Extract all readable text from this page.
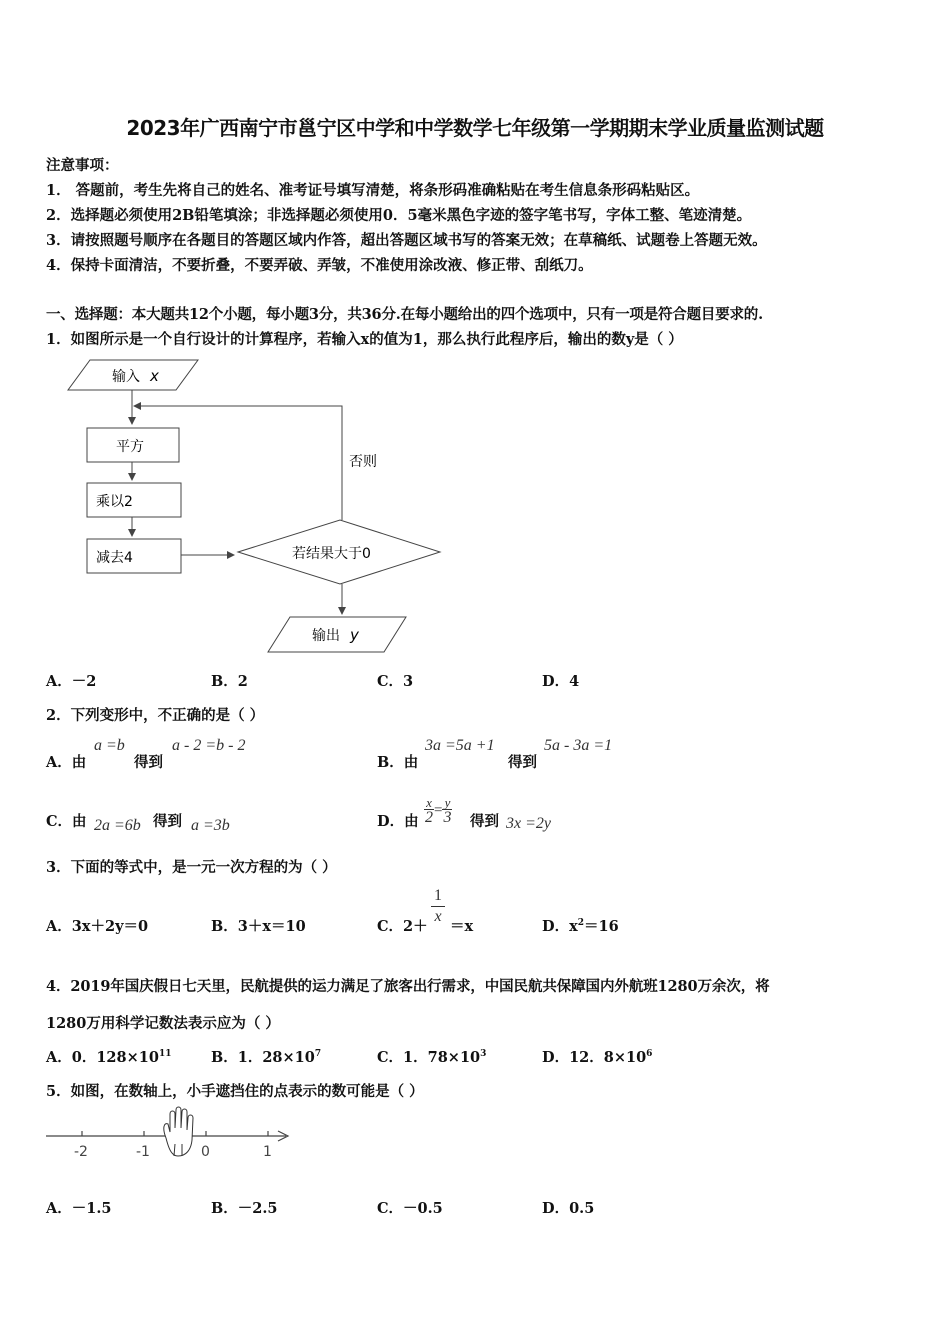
2023年广西南宁市邕宁区中学和中学数学七年级第一学期期末学业质量监测试题
注意事项：
1． 答题前，考生先将自己的姓名、准考证号填写清楚，将条形码准确粘贴在考生信息条形码粘贴区。
2．选择题必须使用2B铅笔填涂；非选择题必须使用0．5毫米黑色字迹的签字笔书写，字体工整、笔迹清楚。
3．请按照题号顺序在各题目的答题区域内作答，超出答题区域书写的答案无效；在草稿纸、试题卷上答题无效。
4．保持卡面清洁，不要折叠，不要弄破、弄皱，不准使用涂改液、修正带、刮纸刀。
一、选择题：本大题共12个小题，每小题3分，共36分.在每小题给出的四个选项中，只有一项是符合题目要求的.
1．如图所示是一个自行设计的计算程序，若输入x的值为1，那么执行此程序后，输出的数y是（ ）
输入 x
平方
乘以2
减去4	若结果大于0
否则
输出 y
A．－2	B．2	C．3	D．4
2．下列变形中，不正确的是（ ）
A．由
a =b
得到
a - 2 =b - 2
B．由
3a =5a +1
得到
5a - 3a =1
C．由 2a =6b 得到 a =3b	D．由 $\frac{x}{2} = \frac{y}{3}$ 得到 3x =2y
3．下面的等式中，是一元一次方程的为（ ）
A．3x＋2y＝0	B．3＋x＝10	C．2＋
$\frac{1}{x}$
＝x	D．$x^2=16$
4．2019年国庆假日七天里，民航提供的运力满足了旅客出行需求，中国民航共保障国内外航班1280万余次，将
1280万用科学记数法表示应为（ ）
A．0．$128\times 10^{11}$	B．1．$28\times 10^7$	C．1．$78\times 10^3$	D．12．$8\times 10^6$
5．如图，在数轴上，小手遮挡住的点表示的数可能是（ ）
-2	-1	0	1
A．－1.5	B．－2.5	C．－0.5	D．0.5
